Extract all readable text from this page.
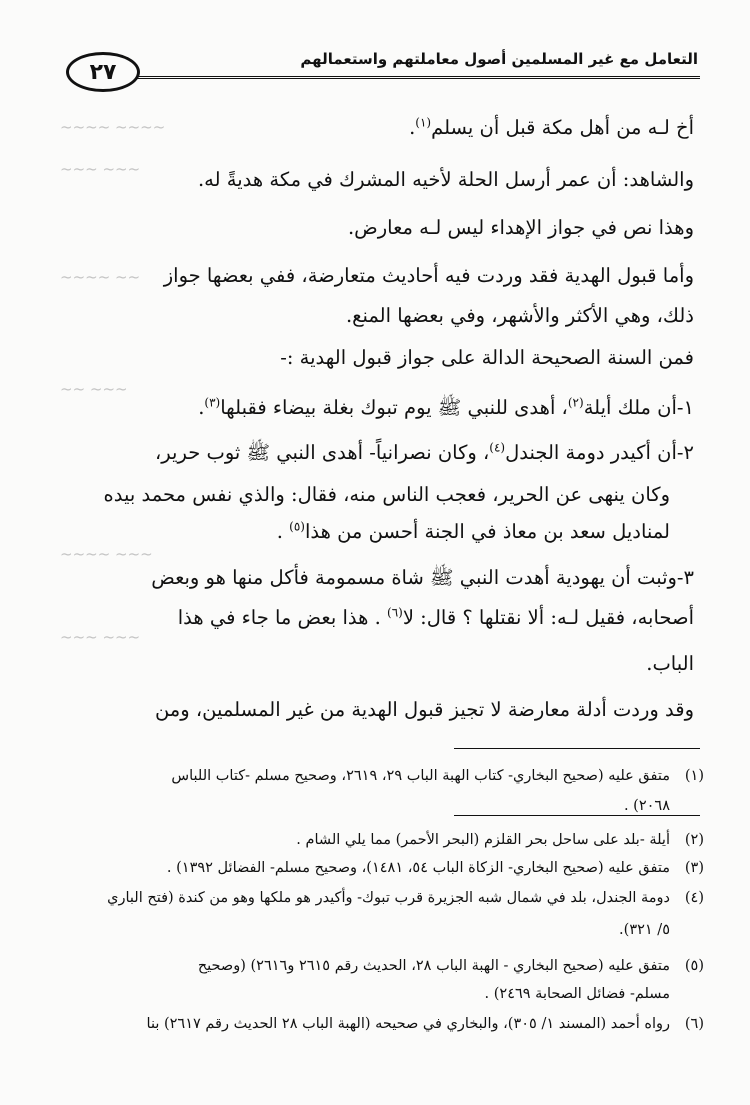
التعامل مع غير المسلمين أصول معاملتهم واستعمالهم
٢٧
~~~~ ~~~~
~~~ ~~~
~~ ~~~~
~~~ ~~
~~~ ~~~~
~~~ ~~~
أخ لـه من أهل مكة قبل أن يسلم$^{(١)}$.
والشاهد: أن عمر أرسل الحلة لأخيه المشرك في مكة هديةً له.
وهذا نص في جواز الإهداء ليس لـه معارض.
وأما قبول الهدية فقد وردت فيه أحاديث متعارضة، ففي بعضها جواز
ذلك، وهي الأكثر والأشهر، وفي بعضها المنع.
فمن السنة الصحيحة الدالة على جواز قبول الهدية :-
١-أن ملك أيلة$^{(٢)}$، أهدى للنبي ﷺ يوم تبوك بغلة بيضاء فقبلها$^{(٣)}$.
٢-أن أكيدر دومة الجندل$^{(٤)}$، وكان نصرانياً- أهدى النبي ﷺ ثوب حرير،
وكان ينهى عن الحرير، فعجب الناس منه، فقال: والذي نفس محمد بيده
لمناديل سعد بن معاذ في الجنة أحسن من هذا$^{(٥)}$ .
٣-وثبت أن يهودية أهدت النبي ﷺ شاة مسمومة فأكل منها هو وبعض
أصحابه، فقيل لـه: ألا نقتلها ؟ قال: لا$^{(٦)}$ . هذا بعض ما جاء في هذا
الباب.
وقد وردت أدلة معارضة لا تجيز قبول الهدية من غير المسلمين، ومن
(١)متفق عليه (صحيح البخاري- كتاب الهبة الباب ٢٩، ٢٦١٩، وصحيح مسلم -كتاب اللباس
٢٠٦٨) .
(٢)أيلة -بلد على ساحل بحر القلزم (البحر الأحمر) مما يلي الشام .
(٣)متفق عليه (صحيح البخاري- الزكاة الباب ٥٤، ١٤٨١)، وصحيح مسلم- الفضائل ١٣٩٢) .
(٤)دومة الجندل، بلد في شمال شبه الجزيرة قرب تبوك- وأكيدر هو ملكها وهو من كندة (فتح الباري
٥/ ٣٢١).
(٥)متفق عليه (صحيح البخاري - الهبة الباب ٢٨، الحديث رقم ٢٦١٥ و٢٦١٦) (وصحيح
مسلم- فضائل الصحابة ٢٤٦٩) .
(٦)رواه أحمد (المسند ١/ ٣٠٥)، والبخاري في صحيحه (الهبة الباب ٢٨ الحديث رقم ٢٦١٧) بنا
